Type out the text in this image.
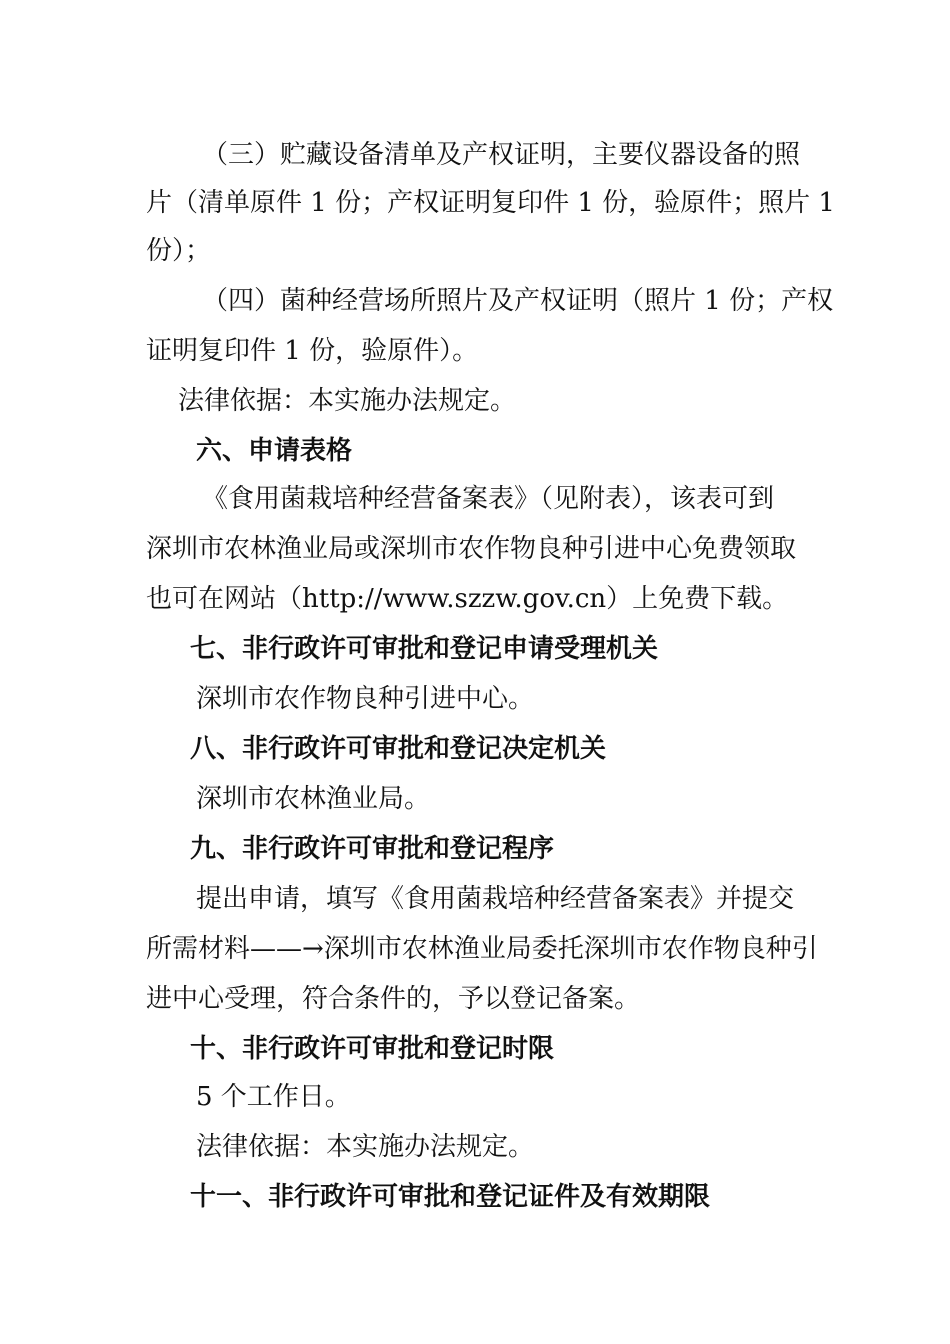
（三）贮藏设备清单及产权证明，主要仪器设备的照
片（清单原件 1 份；产权证明复印件 1 份，验原件；照片 1
份）；
（四）菌种经营场所照片及产权证明（照片 1 份；产权
证明复印件 1 份，验原件）。
法律依据：本实施办法规定。
六、申请表格
《食用菌栽培种经营备案表》（见附表），该表可到
深圳市农林渔业局或深圳市农作物良种引进中心免费领取
也可在网站（http://www.szzw.gov.cn）上免费下载。
七、非行政许可审批和登记申请受理机关
深圳市农作物良种引进中心。
八、非行政许可审批和登记决定机关
深圳市农林渔业局。
九、非行政许可审批和登记程序
提出申请，填写《食用菌栽培种经营备案表》并提交
所需材料——→深圳市农林渔业局委托深圳市农作物良种引
进中心受理，符合条件的，予以登记备案。
十、非行政许可审批和登记时限
5 个工作日。
法律依据：本实施办法规定。
十一、非行政许可审批和登记证件及有效期限
